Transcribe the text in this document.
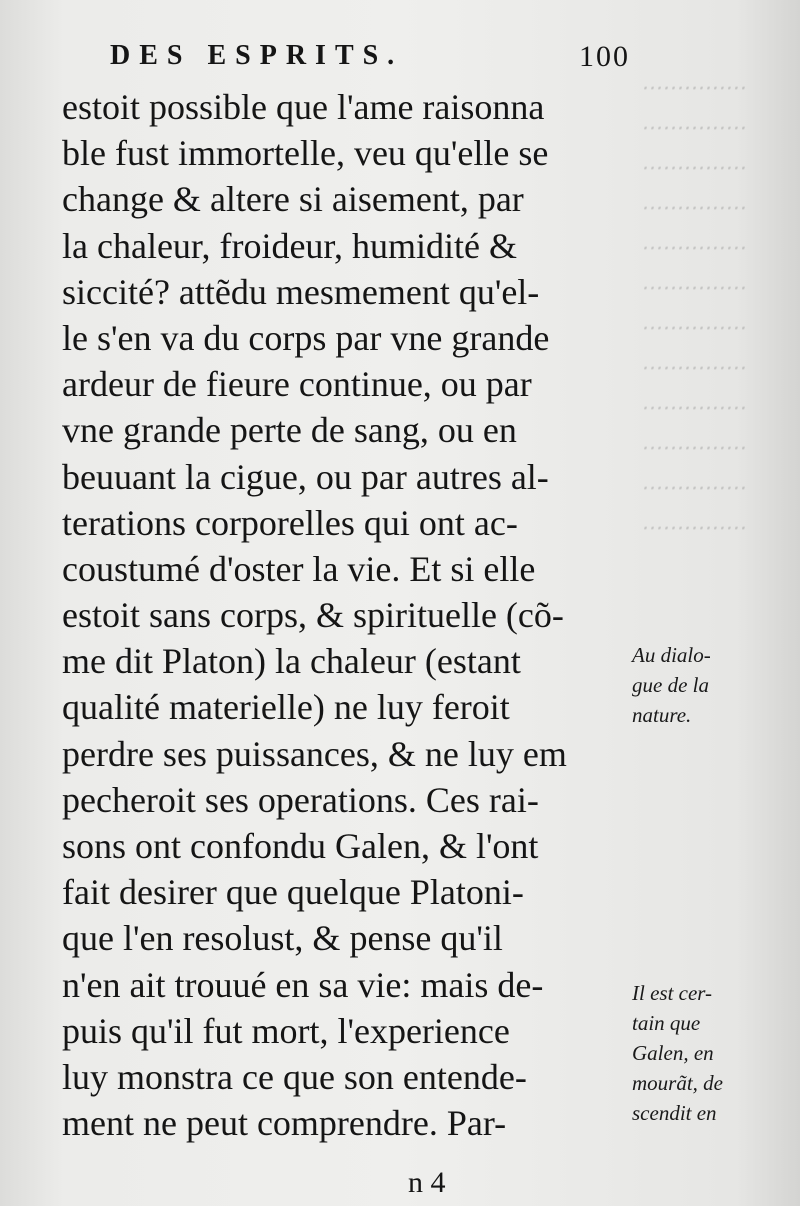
‧‧‧‧‧‧‧‧‧‧‧‧‧‧‧
‧‧‧‧‧‧‧‧‧‧‧‧‧‧‧
‧‧‧‧‧‧‧‧‧‧‧‧‧‧‧
‧‧‧‧‧‧‧‧‧‧‧‧‧‧‧
‧‧‧‧‧‧‧‧‧‧‧‧‧‧‧
‧‧‧‧‧‧‧‧‧‧‧‧‧‧‧
‧‧‧‧‧‧‧‧‧‧‧‧‧‧‧
‧‧‧‧‧‧‧‧‧‧‧‧‧‧‧
‧‧‧‧‧‧‧‧‧‧‧‧‧‧‧
‧‧‧‧‧‧‧‧‧‧‧‧‧‧‧
‧‧‧‧‧‧‧‧‧‧‧‧‧‧‧
‧‧‧‧‧‧‧‧‧‧‧‧‧‧‧
DES ESPRITS.	100
estoit possible que l'ame raisonna
ble fust immortelle, veu qu'elle se
change & altere si aisement, par
la chaleur, froideur, humidité &
siccité? attẽdu mesmement qu'el-
le s'en va du corps par vne grande
ardeur de fieure continue, ou par
vne grande perte de sang, ou en
beuuant la cigue, ou par autres al-
terations corporelles qui ont ac-
coustumé d'oster la vie. Et si elle
estoit sans corps, & spirituelle (cõ-
me dit Platon) la chaleur (estant
qualité materielle) ne luy feroit
perdre ses puissances, & ne luy em
pecheroit ses operations. Ces rai-
sons ont confondu Galen, & l'ont
fait desirer que quelque Platoni-
que l'en resolust, & pense qu'il
n'en ait trouué en sa vie: mais de-
puis qu'il fut mort, l'experience
luy monstra ce que son entende-
ment ne peut comprendre. Par-
Au dialo-
gue de la
nature.
Il est cer-
tain que
Galen, en
mourãt, de
scendit en
n 4
